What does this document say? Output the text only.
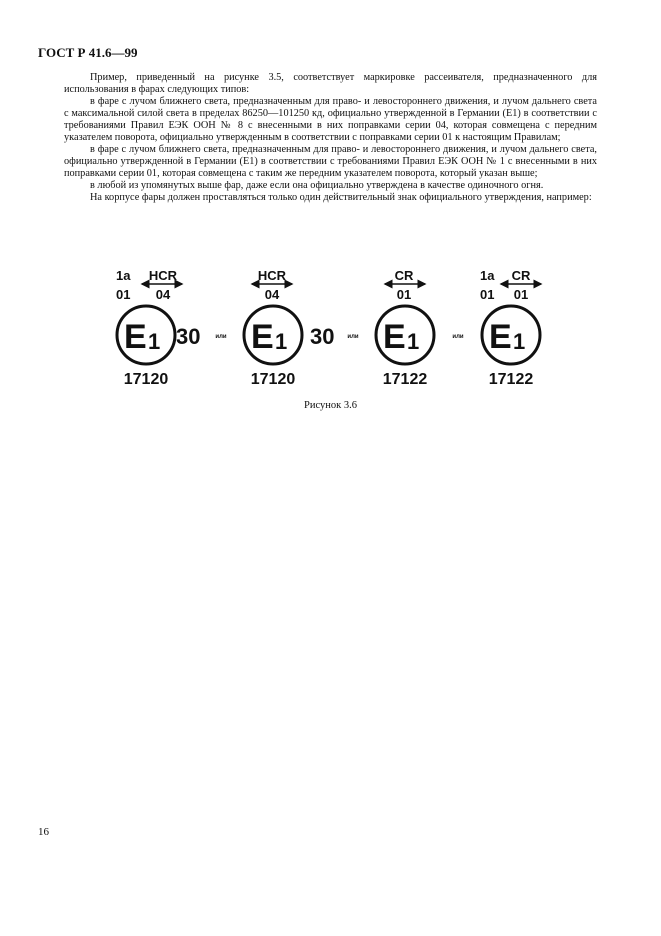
ГОСТ Р 41.6—99

Пример, приведенный на рисунке 3.5, соответствует маркировке рассеивателя, предназначенного для использования в фарах следующих типов:

в фаре с лучом ближнего света, предназначенным для право- и левостороннего движения, и лучом дальнего света с максимальной силой света в пределах 86250—101250 кд, официально утвержденной в Германии (Е1) в соответствии с требованиями Правил ЕЭК ООН № 8 с внесенными в них поправками серии 04, которая совмещена с передним указателем поворота, официально утвержденным в соответствии с поправками серии 01 к настоящим Правилам;

в фаре с лучом ближнего света, предназначенным для право- и левостороннего движения, и лучом дальнего света, официально утвержденной в Германии (Е1) в соответствии с требованиями Правил ЕЭК ООН № 1 с внесенными в них поправками серии 01, которая совмещена с таким же передним указателем поворота, который указан выше;

в любой из упомянутых выше фар, даже если она официально утверждена в качестве одиночного огня.

На корпусе фары должен проставляться только один действительный знак официального утверждения, например:

1a
01
HCR
04
E 1 30
17120
или
HCR
04
E 1 30
17120
или
CR
01
E 1
17122
или
1a
01
CR
01
E 1
17122
Рисунок 3.6
16
